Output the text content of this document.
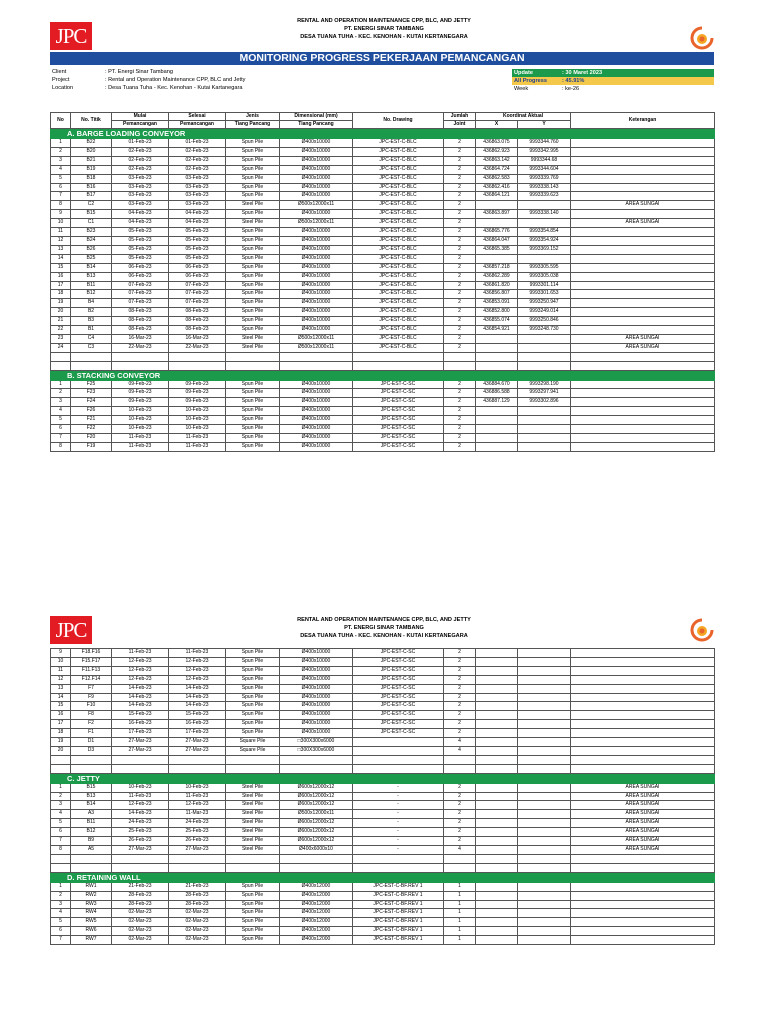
JPC
RENTAL AND OPERATION MAINTENANCE CPP, BLC, AND JETTY
PT. ENERGI SINAR TAMBANG
DESA TUANA TUHA - KEC. KENOHAN - KUTAI KERTANEGARA
MONITORING PROGRESS PEKERJAAN PEMANCANGAN
Client	: PT. Energi Sinar Tambang
Project	: Rental and Operation Maintenance CPP, BLC and Jetty
Location	: Desa Tuana Tuha - Kec. Kenohan - Kutai Kartanegara
Update	: 30 Maret 2023
All Progress	: 45.91%
Week	: ke-26
No	No. Titik	Mulai	Selesai	Jenis	Dimensional (mm)	No. Drawing	Jumlah	Koordinat Aktual		Keterangan
		Pemancangan	Pemancangan	Tiang Pancang	Tiang Pancang		Joint	X	Y	
A. BARGE LOADING CONVEYOR										
1	B22	01-Feb-23	01-Feb-23	Spun Pile	Ø400x10000	JPC-EST-C-BLC	2	436863.075	9993344.760	
2	B20	02-Feb-23	02-Feb-23	Spun Pile	Ø400x10000	JPC-EST-C-BLC	2	436862.923	9993342.995	
3	B21	02-Feb-23	02-Feb-23	Spun Pile	Ø400x10000	JPC-EST-C-BLC	2	436863.142	9993344.68	
4	B19	02-Feb-23	02-Feb-23	Spun Pile	Ø400x10000	JPC-EST-C-BLC	2	436864.724	9993344.604	
5	B18	03-Feb-23	03-Feb-23	Spun Pile	Ø400x10000	JPC-EST-C-BLC	2	436862.583	9993339.769	
6	B16	03-Feb-23	03-Feb-23	Spun Pile	Ø400x10000	JPC-EST-C-BLC	2	436862.416	9993338.143	
7	B17	03-Feb-23	03-Feb-23	Spun Pile	Ø400x10000	JPC-EST-C-BLC	2	436864.121	9993339.623	
8	C2	03-Feb-23	03-Feb-23	Steel Pile	Ø500x12000x11	JPC-EST-C-BLC	2			AREA SUNGAI
9	B15	04-Feb-23	04-Feb-23	Spun Pile	Ø400x10000	JPC-EST-C-BLC	2	436863.897	9993338.140	
10	C1	04-Feb-23	04-Feb-23	Steel Pile	Ø500x12000x11	JPC-EST-C-BLC	2			AREA SUNGAI
11	B23	05-Feb-23	05-Feb-23	Spun Pile	Ø400x10000	JPC-EST-C-BLC	2	436865.776	9993354.854	
12	B24	05-Feb-23	05-Feb-23	Spun Pile	Ø400x10000	JPC-EST-C-BLC	2	436864.047	9993354.924	
13	B26	05-Feb-23	05-Feb-23	Spun Pile	Ø400x10000	JPC-EST-C-BLC	2	436865.385	9993369.152	
14	B25	05-Feb-23	05-Feb-23	Spun Pile	Ø400x10000	JPC-EST-C-BLC	2			
15	B14	06-Feb-23	06-Feb-23	Spun Pile	Ø400x10000	JPC-EST-C-BLC	2	436857.218	9993305.595	
16	B13	06-Feb-23	06-Feb-23	Spun Pile	Ø400x10000	JPC-EST-C-BLC	2	436862.289	9993305.038	
17	B11	07-Feb-23	07-Feb-23	Spun Pile	Ø400x10000	JPC-EST-C-BLC	2	436861.820	9993301.114	
18	B12	07-Feb-23	07-Feb-23	Spun Pile	Ø400x10000	JPC-EST-C-BLC	2	436856.807	9993301.653	
19	B4	07-Feb-23	07-Feb-23	Spun Pile	Ø400x10000	JPC-EST-C-BLC	2	436853.091	9993250.947	
20	B2	08-Feb-23	08-Feb-23	Spun Pile	Ø400x10000	JPC-EST-C-BLC	2	436852.800	9993249.014	
21	B3	08-Feb-23	08-Feb-23	Spun Pile	Ø400x10000	JPC-EST-C-BLC	2	436855.074	9993250.846	
22	B1	08-Feb-23	08-Feb-23	Spun Pile	Ø400x10000	JPC-EST-C-BLC	2	436854.921	9993248.730	
23	C4	16-Mar-23	16-Mar-23	Steel Pile	Ø500x12000x11	JPC-EST-C-BLC	2			AREA SUNGAI
24	C3	22-Mar-23	22-Mar-23	Steel Pile	Ø500x12000x11	JPC-EST-C-BLC	2			AREA SUNGAI

B. STACKING CONVEYOR										
1	F25	09-Feb-23	09-Feb-23	Spun Pile	Ø400x10000	JPC-EST-C-SC	2	436884.670	9993298.190	
2	F23	09-Feb-23	09-Feb-23	Spun Pile	Ø400x10000	JPC-EST-C-SC	2	436886.588	9993297.941	
3	F24	09-Feb-23	09-Feb-23	Spun Pile	Ø400x10000	JPC-EST-C-SC	2	436887.129	9993302.896	
4	F26	10-Feb-23	10-Feb-23	Spun Pile	Ø400x10000	JPC-EST-C-SC	2			
5	F21	10-Feb-23	10-Feb-23	Spun Pile	Ø400x10000	JPC-EST-C-SC	2			
6	F22	10-Feb-23	10-Feb-23	Spun Pile	Ø400x10000	JPC-EST-C-SC	2			
7	F20	11-Feb-23	11-Feb-23	Spun Pile	Ø400x10000	JPC-EST-C-SC	2			
8	F19	11-Feb-23	11-Feb-23	Spun Pile	Ø400x10000	JPC-EST-C-SC	2			
JPC	RENTAL AND OPERATION MAINTENANCE CPP, BLC, AND JETTY
PT. ENERGI SINAR TAMBANG
DESA TUANA TUHA - KEC. KENOHAN - KUTAI KERTANEGARA
9	F18.F16	11-Feb-23	11-Feb-23	Spun Pile	Ø400x10000	JPC-EST-C-SC	2			
10	F15.F17	12-Feb-23	12-Feb-23	Spun Pile	Ø400x10000	JPC-EST-C-SC	2			
11	F11.F13	12-Feb-23	12-Feb-23	Spun Pile	Ø400x10000	JPC-EST-C-SC	2			
12	F12.F14	12-Feb-23	12-Feb-23	Spun Pile	Ø400x10000	JPC-EST-C-SC	2			
13	F7	14-Feb-23	14-Feb-23	Spun Pile	Ø400x10000	JPC-EST-C-SC	2			
14	F9	14-Feb-23	14-Feb-23	Spun Pile	Ø400x10000	JPC-EST-C-SC	2			
15	F10	14-Feb-23	14-Feb-23	Spun Pile	Ø400x10000	JPC-EST-C-SC	2			
16	F8	15-Feb-23	15-Feb-23	Spun Pile	Ø400x10000	JPC-EST-C-SC	2			
17	F2	16-Feb-23	16-Feb-23	Spun Pile	Ø400x10000	JPC-EST-C-SC	2			
18	F1	17-Feb-23	17-Feb-23	Spun Pile	Ø400x10000	JPC-EST-C-SC	2			
19	D1	27-Mar-23	27-Mar-23	Square Pile	□300X300x6000		4			
20	D3	27-Mar-23	27-Mar-23	Square Pile	□300X300x6000		4			

C. JETTY										
1	B15	10-Feb-23	10-Feb-23	Steel Pile	Ø600x12000x12	-	2			AREA SUNGAI
2	B13	11-Feb-23	11-Feb-23	Steel Pile	Ø600x12000x12	-	2			AREA SUNGAI
3	B14	12-Feb-23	12-Feb-23	Steel Pile	Ø600x12000x12	-	2			AREA SUNGAI
4	A3	14-Feb-23	11-Mar-23	Steel Pile	Ø500x12000x11	-	2			AREA SUNGAI
5	B11	24-Feb-23	24-Feb-23	Steel Pile	Ø600x12000x12	-	2			AREA SUNGAI
6	B12	25-Feb-23	25-Feb-23	Steel Pile	Ø600x12000x12	-	2			AREA SUNGAI
7	B9	26-Feb-23	26-Feb-23	Steel Pile	Ø600x12000x12	-	2			AREA SUNGAI
8	A5	27-Mar-23	27-Mar-23	Steel Pile	Ø400x6000x10	-	4			AREA SUNGAI

D. RETAINING WALL										
1	RW1	21-Feb-23	21-Feb-23	Spun Pile	Ø400x12000	JPC-EST-C-BF.REV 1	1			
2	RW2	28-Feb-23	28-Feb-23	Spun Pile	Ø400x12000	JPC-EST-C-BF.REV 1	1			
3	RW3	28-Feb-23	28-Feb-23	Spun Pile	Ø400x12000	JPC-EST-C-BF.REV 1	1			
4	RW4	02-Mar-23	02-Mar-23	Spun Pile	Ø400x12000	JPC-EST-C-BF.REV 1	1			
5	RW5	02-Mar-23	02-Mar-23	Spun Pile	Ø400x12000	JPC-EST-C-BF.REV 1	1			
6	RW6	02-Mar-23	02-Mar-23	Spun Pile	Ø400x12000	JPC-EST-C-BF.REV 1	1			
7	RW7	02-Mar-23	02-Mar-23	Spun Pile	Ø400x12000	JPC-EST-C-BF.REV 1	1			
